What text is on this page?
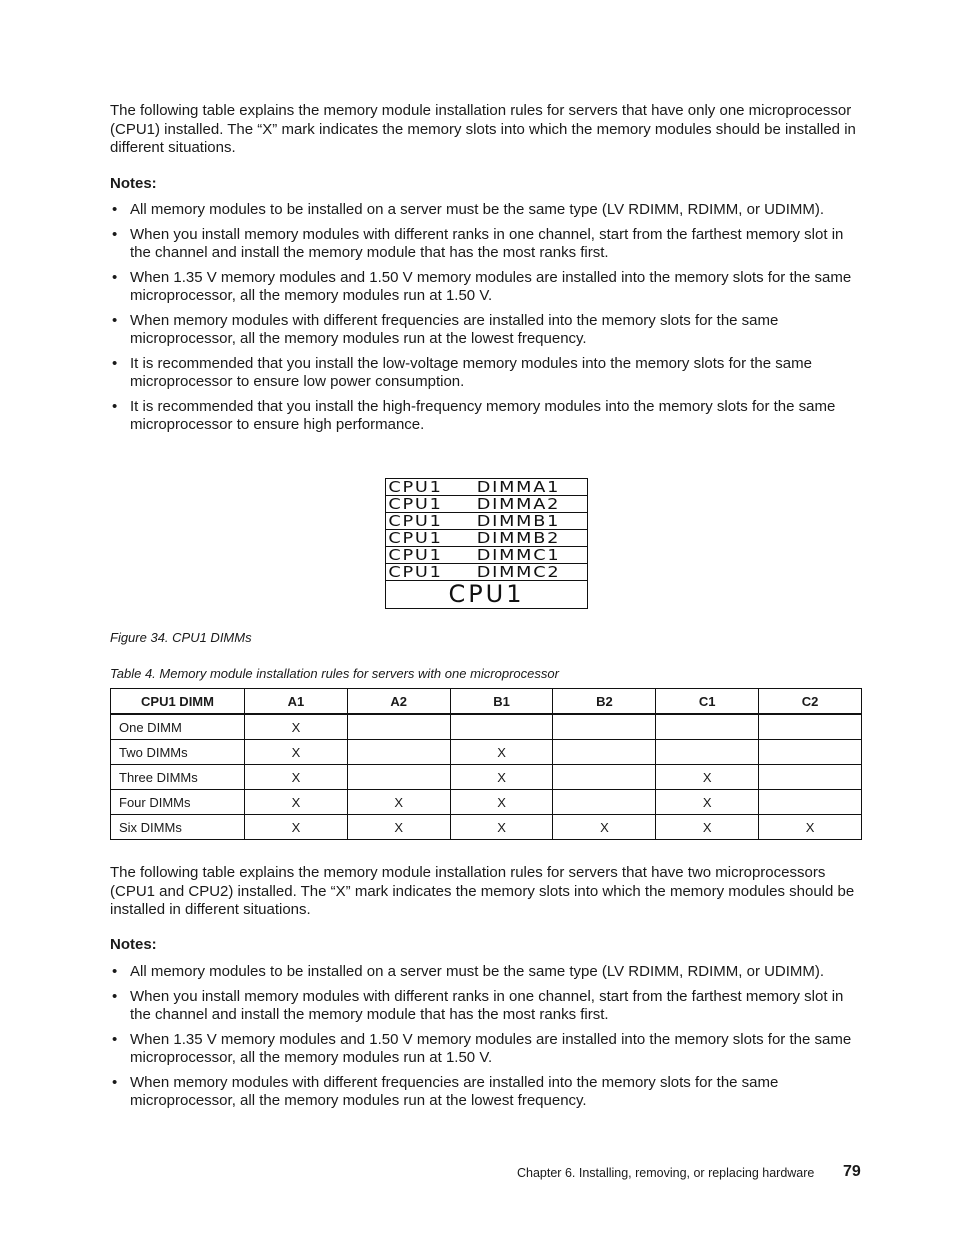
The following table explains the memory module installation rules for servers that have only one microprocessor (CPU1) installed. The “X” mark indicates the memory slots into which the memory modules should be installed in different situations.

Notes:

• All memory modules to be installed on a server must be the same type (LV RDIMM, RDIMM, or UDIMM).
• When you install memory modules with different ranks in one channel, start from the farthest memory slot in the channel and install the memory module that has the most ranks first.
• When 1.35 V memory modules and 1.50 V memory modules are installed into the memory slots for the same microprocessor, all the memory modules run at 1.50 V.
• When memory modules with different frequencies are installed into the memory slots for the same microprocessor, all the memory modules run at the lowest frequency.
• It is recommended that you install the low-voltage memory modules into the memory slots for the same microprocessor to ensure low power consumption.
• It is recommended that you install the high-frequency memory modules into the memory slots for the same microprocessor to ensure high performance.
CPU1	DIMMA1
CPU1	DIMMA2
CPU1	DIMMB1
CPU1	DIMMB2
CPU1	DIMMC1
CPU1	DIMMC2
CPU1

Figure 34. CPU1 DIMMs

Table 4. Memory module installation rules for servers with one microprocessor

CPU1 DIMM	A1	A2	B1	B2	C1	C2
One DIMM	X					
Two DIMMs	X		X			
Three DIMMs	X		X		X	
Four DIMMs	X	X	X		X	
Six DIMMs	X	X	X	X	X	X

The following table explains the memory module installation rules for servers that have two microprocessors (CPU1 and CPU2) installed. The “X” mark indicates the memory slots into which the memory modules should be installed in different situations.

Notes:

• All memory modules to be installed on a server must be the same type (LV RDIMM, RDIMM, or UDIMM).
• When you install memory modules with different ranks in one channel, start from the farthest memory slot in the channel and install the memory module that has the most ranks first.
• When 1.35 V memory modules and 1.50 V memory modules are installed into the memory slots for the same microprocessor, all the memory modules run at 1.50 V.
• When memory modules with different frequencies are installed into the memory slots for the same microprocessor, all the memory modules run at the lowest frequency.
Chapter 6. Installing, removing, or replacing hardware 79
